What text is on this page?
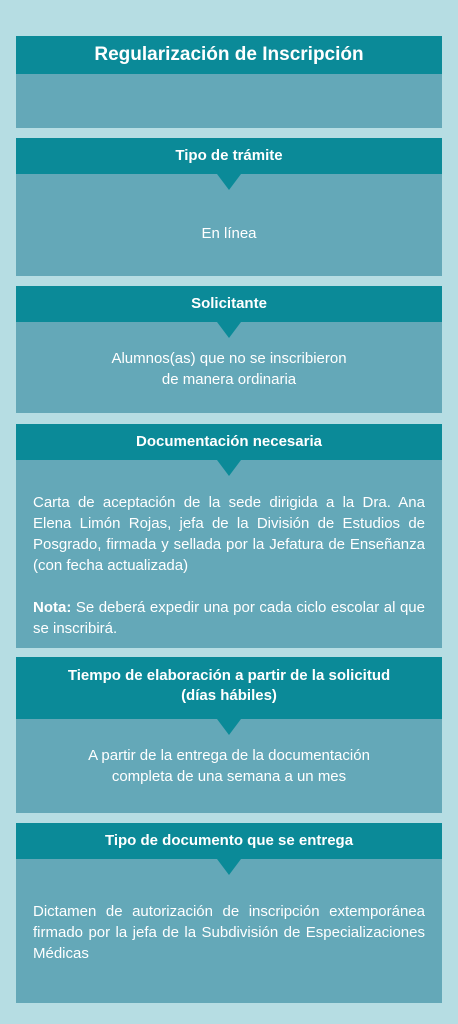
Regularización de Inscripción
Tipo de trámite
En línea
Solicitante
Alumnos(as) que no se inscribieron
de manera ordinaria
Documentación necesaria
Carta de aceptación de la sede dirigida a la Dra. Ana Elena Limón Rojas, jefa de la División de Estudios de Posgrado, firmada y sellada por la Jefatura de Enseñanza (con fecha actualizada)
Nota: Se deberá expedir una por cada ciclo escolar al que se inscribirá.
Tiempo de elaboración a partir de la solicitud
(días hábiles)
A partir de la entrega de la documentación
completa de una semana a un mes
Tipo de documento que se entrega
Dictamen de autorización de inscripción extemporánea firmado por la jefa de la Subdivisión de Especializaciones Médicas
